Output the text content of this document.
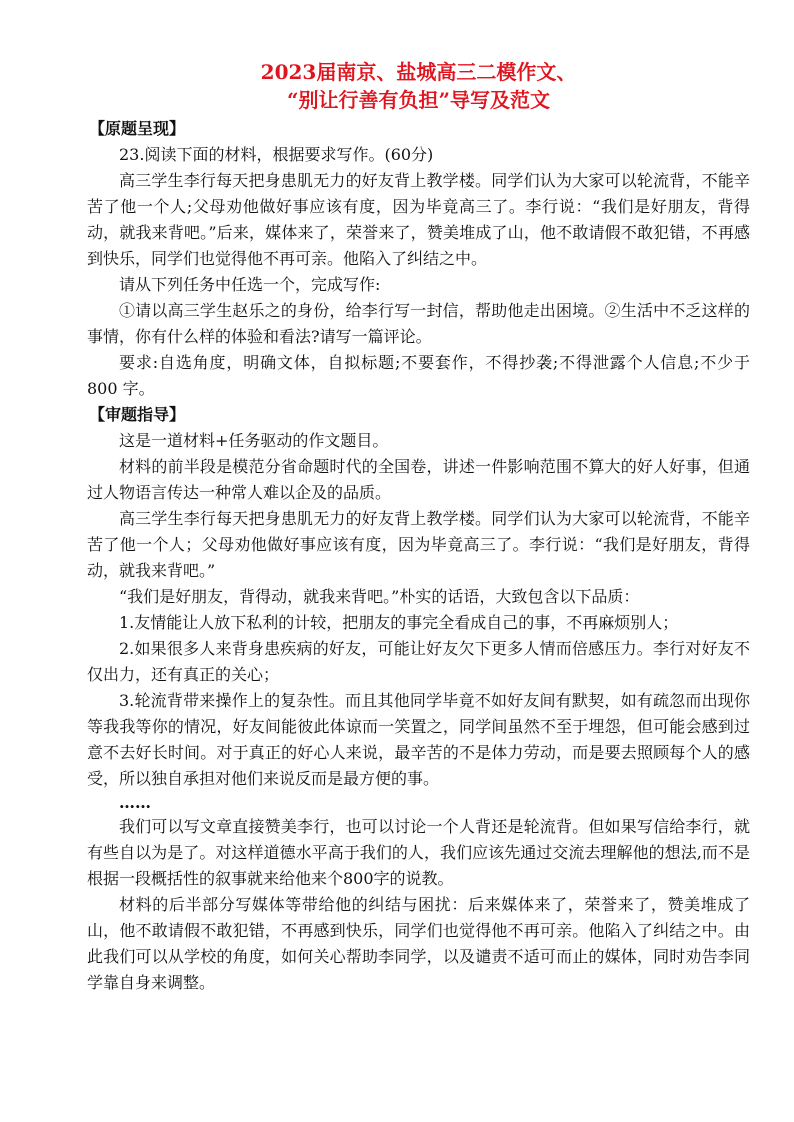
2023届南京、盐城高三二模作文、
“别让行善有负担”导写及范文

【原题呈现】

23.阅读下面的材料，根据要求写作。(60分)

高三学生李行每天把身患肌无力的好友背上教学楼。同学们认为大家可以轮流背，不能辛苦了他一个人;父母劝他做好事应该有度，因为毕竟高三了。李行说：“我们是好朋友，背得动，就我来背吧。”后来，媒体来了，荣誉来了，赞美堆成了山，他不敢请假不敢犯错，不再感到快乐，同学们也觉得他不再可亲。他陷入了纠结之中。

请从下列任务中任选一个，完成写作:

①请以高三学生赵乐之的身份，给李行写一封信，帮助他走出困境。②生活中不乏这样的事情，你有什么样的体验和看法?请写一篇评论。

要求:自选角度，明确文体，自拟标题;不要套作，不得抄袭;不得泄露个人信息;不少于 800 字。

【审题指导】

这是一道材料+任务驱动的作文题目。

材料的前半段是模范分省命题时代的全国卷，讲述一件影响范围不算大的好人好事，但通过人物语言传达一种常人难以企及的品质。

高三学生李行每天把身患肌无力的好友背上教学楼。同学们认为大家可以轮流背，不能辛苦了他一个人；父母劝他做好事应该有度，因为毕竟高三了。李行说：“我们是好朋友，背得动，就我来背吧。”

“我们是好朋友，背得动，就我来背吧。”朴实的话语，大致包含以下品质：

1.友情能让人放下私利的计较，把朋友的事完全看成自己的事，不再麻烦别人；

2.如果很多人来背身患疾病的好友，可能让好友欠下更多人情而倍感压力。李行对好友不仅出力，还有真正的关心；

3.轮流背带来操作上的复杂性。而且其他同学毕竟不如好友间有默契，如有疏忽而出现你等我我等你的情况，好友间能彼此体谅而一笑置之，同学间虽然不至于埋怨，但可能会感到过意不去好长时间。对于真正的好心人来说，最辛苦的不是体力劳动，而是要去照顾每个人的感受，所以独自承担对他们来说反而是最方便的事。

……

我们可以写文章直接赞美李行，也可以讨论一个人背还是轮流背。但如果写信给李行，就有些自以为是了。对这样道德水平高于我们的人，我们应该先通过交流去理解他的想法,而不是根据一段概括性的叙事就来给他来个800字的说教。

材料的后半部分写媒体等带给他的纠结与困扰：后来媒体来了，荣誉来了，赞美堆成了山，他不敢请假不敢犯错，不再感到快乐，同学们也觉得他不再可亲。他陷入了纠结之中。由此我们可以从学校的角度，如何关心帮助李同学，以及谴责不适可而止的媒体，同时劝告李同学靠自身来调整。
